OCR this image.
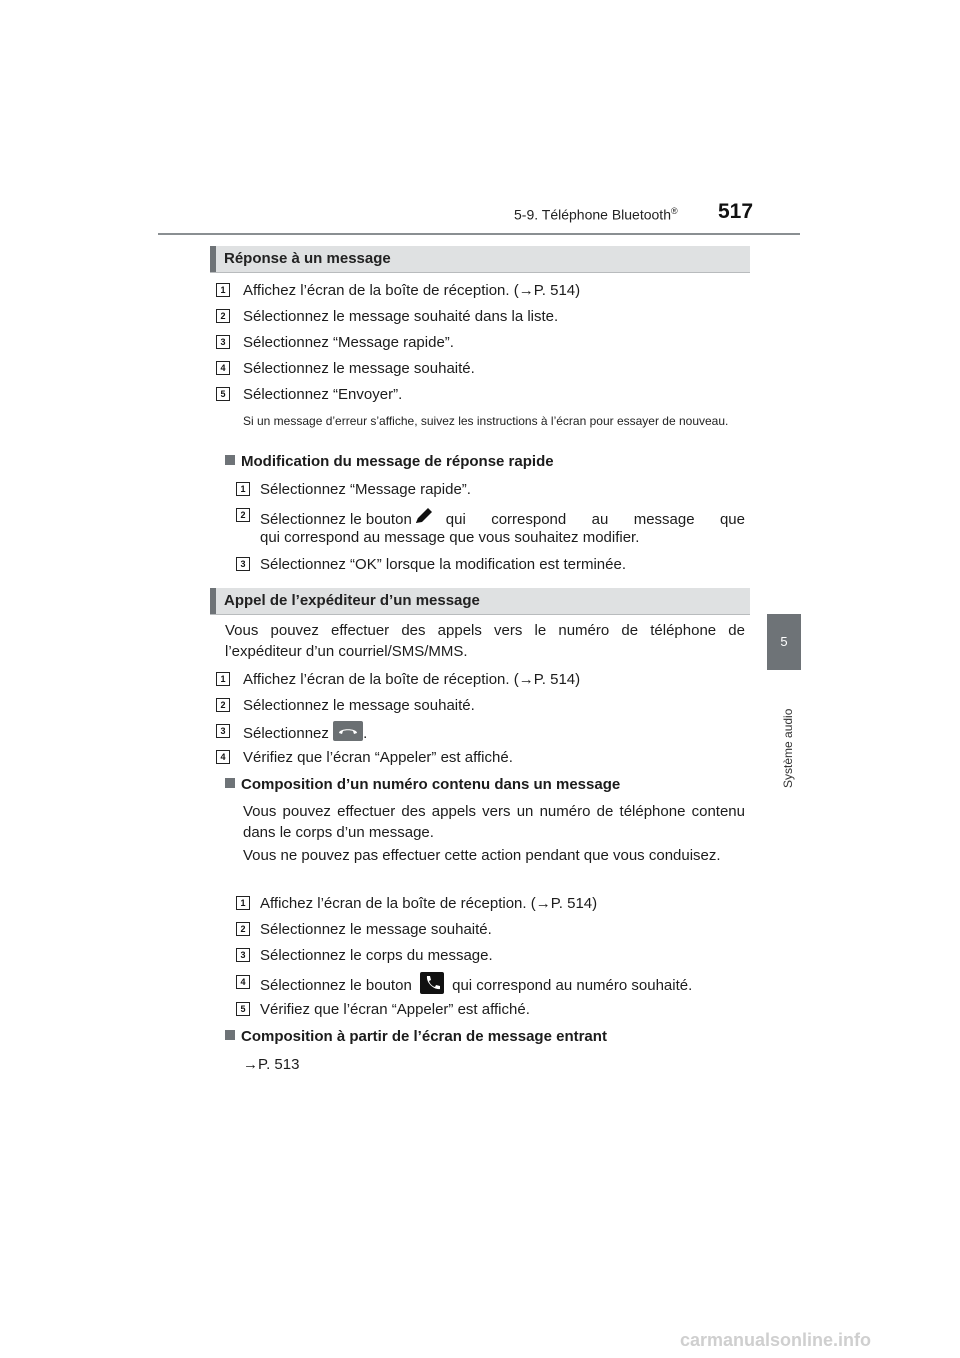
5-9. Téléphone Bluetooth® 517
5
Système audio
Réponse à un message
1	Affichez l’écran de la boîte de réception. (→P. 514)
2	Sélectionnez le message souhaité dans la liste.
3	Sélectionnez “Message rapide”.
4	Sélectionnez le message souhaité.
5	Sélectionnez “Envoyer”.
Si un message d’erreur s’affiche, suivez les instructions à l’écran pour essayer de nouveau.
Modification du message de réponse rapide
1 Sélectionnez “Message rapide”.
2 Sélectionnez le bouton qui correspond au message que
qui correspond au message que vous souhaitez modifier.
3 Sélectionnez “OK” lorsque la modification est terminée.
Appel de l’expéditeur d’un message
Vous pouvez effectuer des appels vers le numéro de téléphone de l’expéditeur d’un courriel/SMS/MMS.
1	Affichez l’écran de la boîte de réception. (→P. 514)
2	Sélectionnez le message souhaité.
3	Sélectionnez .
4	Vérifiez que l’écran “Appeler” est affiché.
Composition d’un numéro contenu dans un message
Vous pouvez effectuer des appels vers un numéro de téléphone contenu dans le corps d’un message.
Vous ne pouvez pas effectuer cette action pendant que vous conduisez.
1 Affichez l’écran de la boîte de réception. (→P. 514)
2 Sélectionnez le message souhaité.
3 Sélectionnez le corps du message.
4 Sélectionnez le bouton	qui correspond au numéro souhaité.
5 Vérifiez que l’écran “Appeler” est affiché.
Composition à partir de l’écran de message entrant
→P. 513
carmanualsonline.info
